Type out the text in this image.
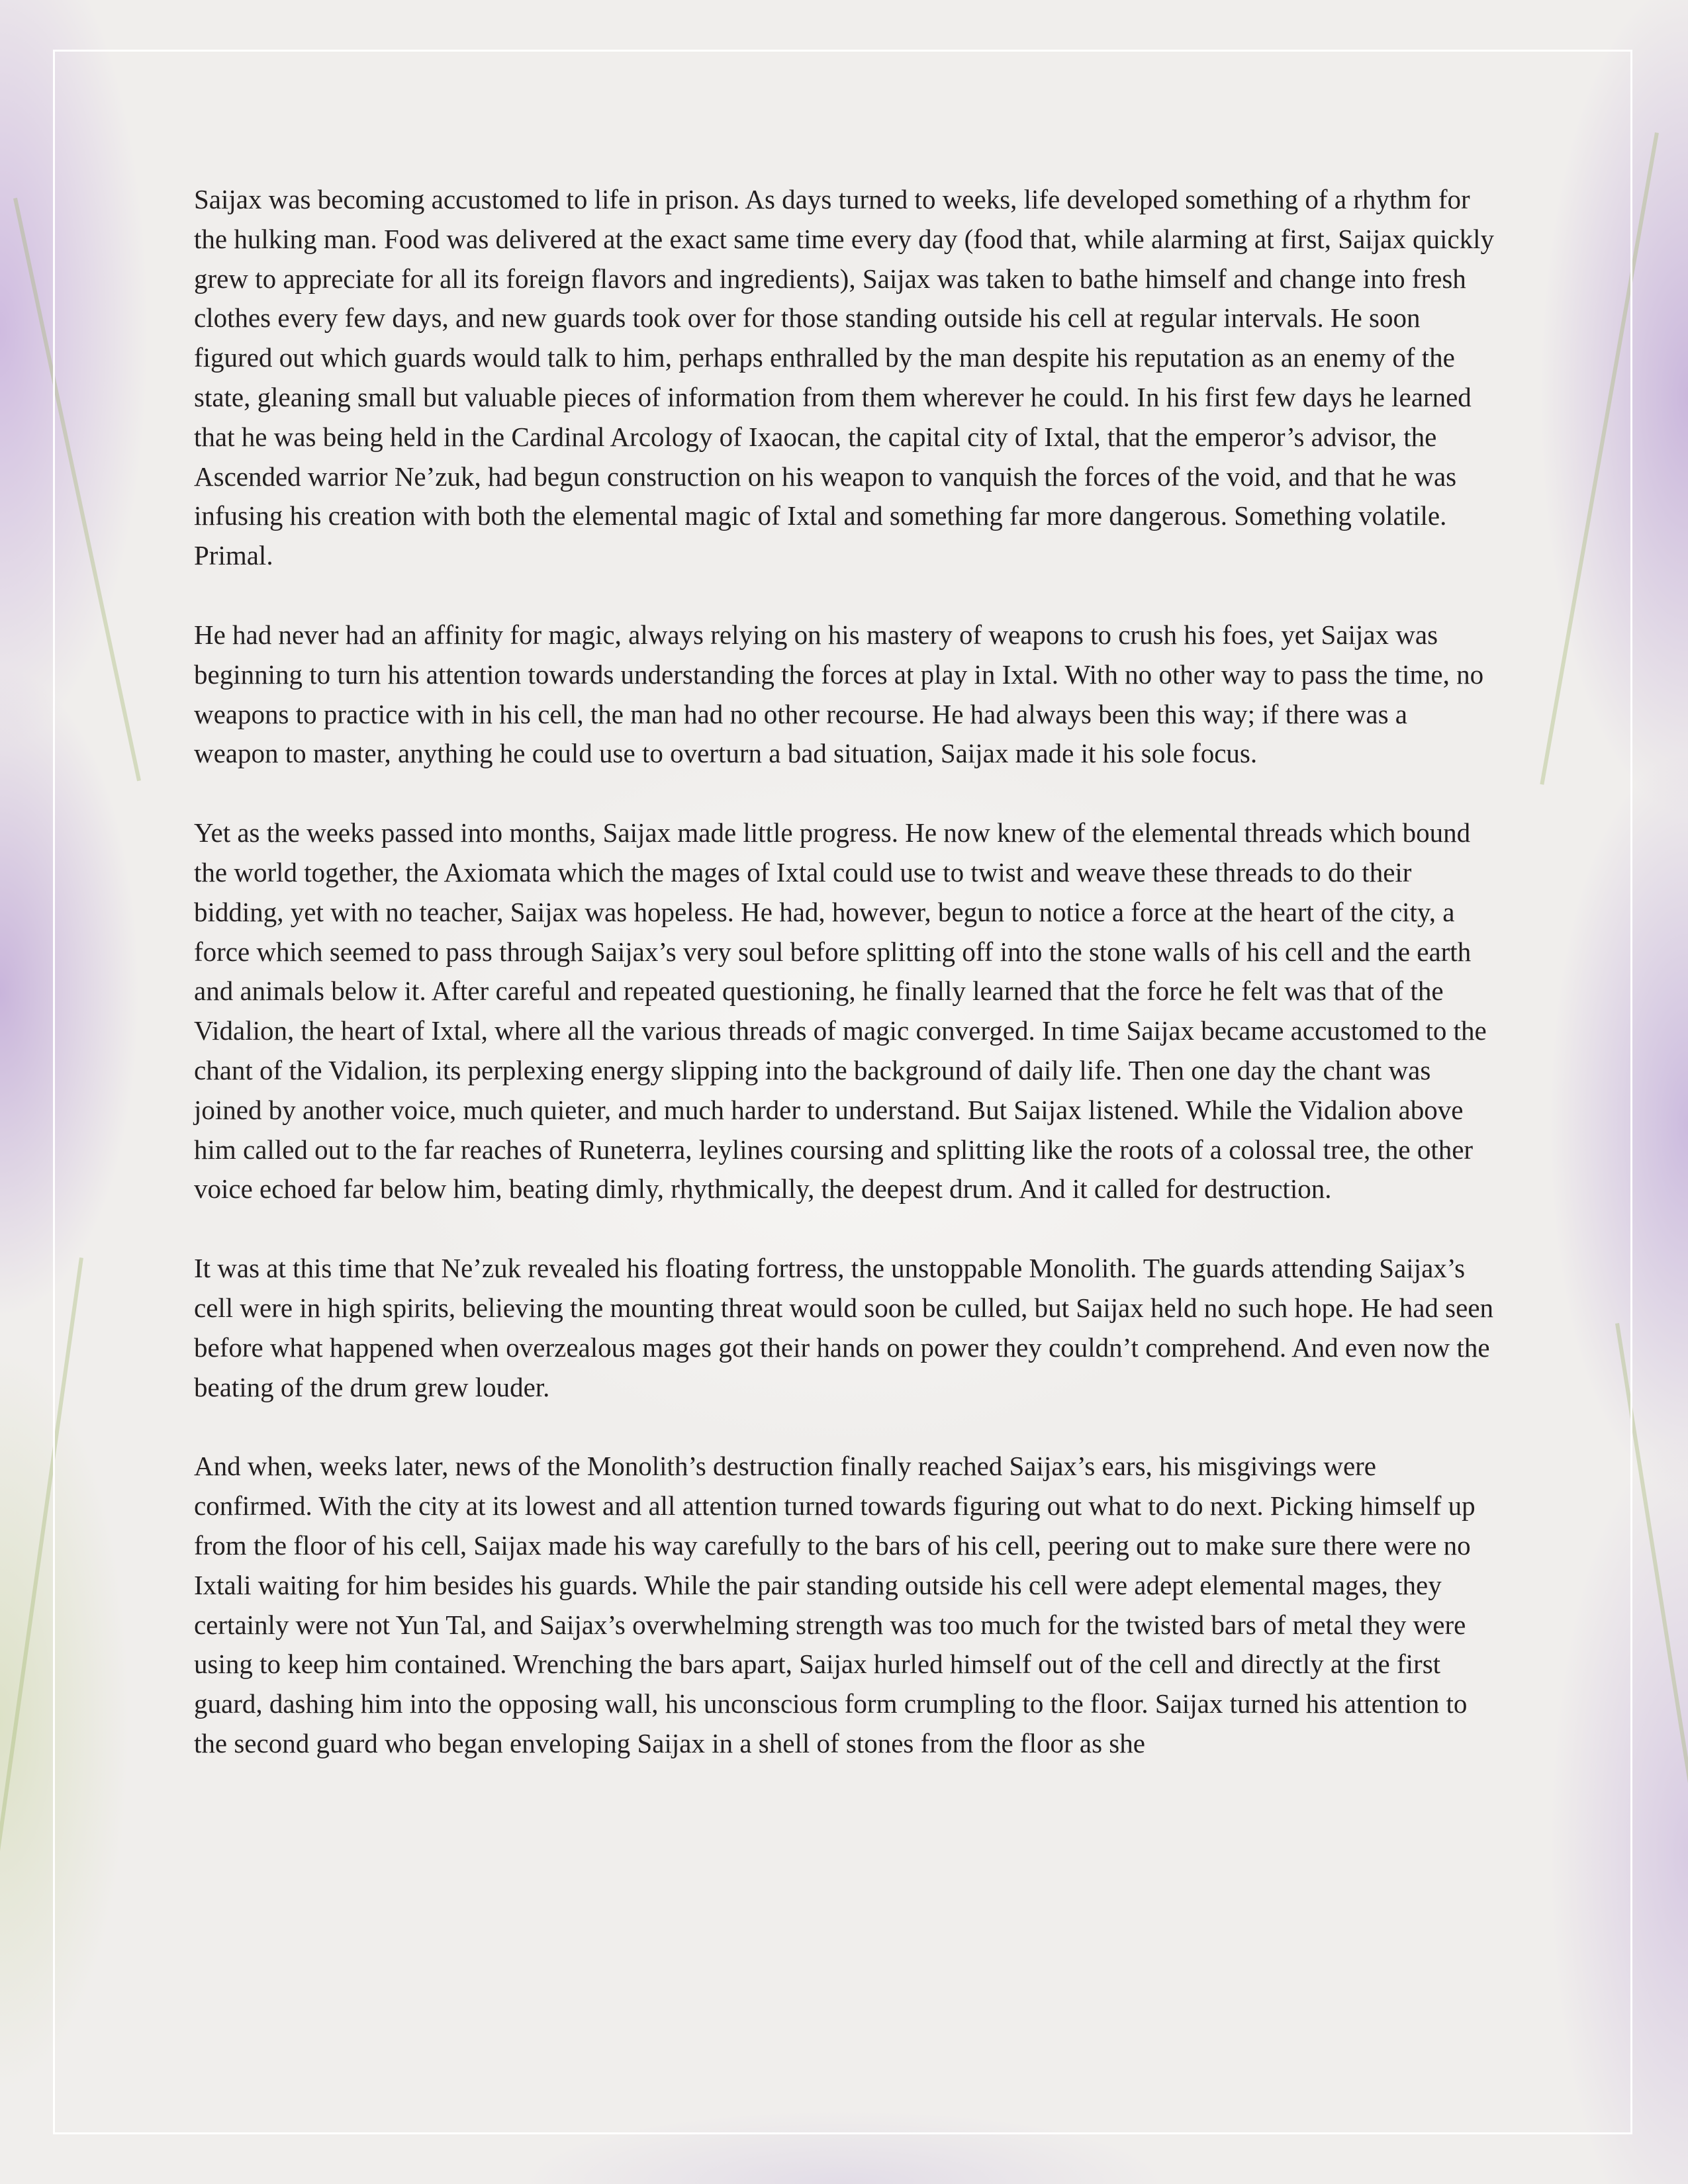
Saijax was becoming accustomed to life in prison. As days turned to weeks, life developed something of a rhythm for the hulking man. Food was delivered at the exact same time every day (food that, while alarming at first, Saijax quickly grew to appreciate for all its foreign flavors and ingredients), Saijax was taken to bathe himself and change into fresh clothes every few days, and new guards took over for those standing outside his cell at regular intervals. He soon figured out which guards would talk to him, perhaps enthralled by the man despite his reputation as an enemy of the state, gleaning small but valuable pieces of information from them wherever he could. In his first few days he learned that he was being held in the Cardinal Arcology of Ixaocan, the capital city of Ixtal, that the emperor’s advisor, the Ascended warrior Ne’zuk, had begun construction on his weapon to vanquish the forces of the void, and that he was infusing his creation with both the elemental magic of Ixtal and something far more dangerous. Something volatile. Primal.

He had never had an affinity for magic, always relying on his mastery of weapons to crush his foes, yet Saijax was beginning to turn his attention towards understanding the forces at play in Ixtal. With no other way to pass the time, no weapons to practice with in his cell, the man had no other recourse. He had always been this way; if there was a weapon to master, anything he could use to overturn a bad situation, Saijax made it his sole focus.

Yet as the weeks passed into months, Saijax made little progress. He now knew of the elemental threads which bound the world together, the Axiomata which the mages of Ixtal could use to twist and weave these threads to do their bidding, yet with no teacher, Saijax was hopeless. He had, however, begun to notice a force at the heart of the city, a force which seemed to pass through Saijax’s very soul before splitting off into the stone walls of his cell and the earth and animals below it. After careful and repeated questioning, he finally learned that the force he felt was that of the Vidalion, the heart of Ixtal, where all the various threads of magic converged. In time Saijax became accustomed to the chant of the Vidalion, its perplexing energy slipping into the background of daily life. Then one day the chant was joined by another voice, much quieter, and much harder to understand. But Saijax listened. While the Vidalion above him called out to the far reaches of Runeterra, leylines coursing and splitting like the roots of a colossal tree, the other voice echoed far below him, beating dimly, rhythmically, the deepest drum. And it called for destruction.

It was at this time that Ne’zuk revealed his floating fortress, the unstoppable Monolith. The guards attending Saijax’s cell were in high spirits, believing the mounting threat would soon be culled, but Saijax held no such hope. He had seen before what happened when overzealous mages got their hands on power they couldn’t comprehend. And even now the beating of the drum grew louder.

And when, weeks later, news of the Monolith’s destruction finally reached Saijax’s ears, his misgivings were confirmed. With the city at its lowest and all attention turned towards figuring out what to do next. Picking himself up from the floor of his cell, Saijax made his way carefully to the bars of his cell, peering out to make sure there were no Ixtali waiting for him besides his guards. While the pair standing outside his cell were adept elemental mages, they certainly were not Yun Tal, and Saijax’s overwhelming strength was too much for the twisted bars of metal they were using to keep him contained. Wrenching the bars apart, Saijax hurled himself out of the cell and directly at the first guard, dashing him into the opposing wall, his unconscious form crumpling to the floor. Saijax turned his attention to the second guard who began enveloping Saijax in a shell of stones from the floor as she
